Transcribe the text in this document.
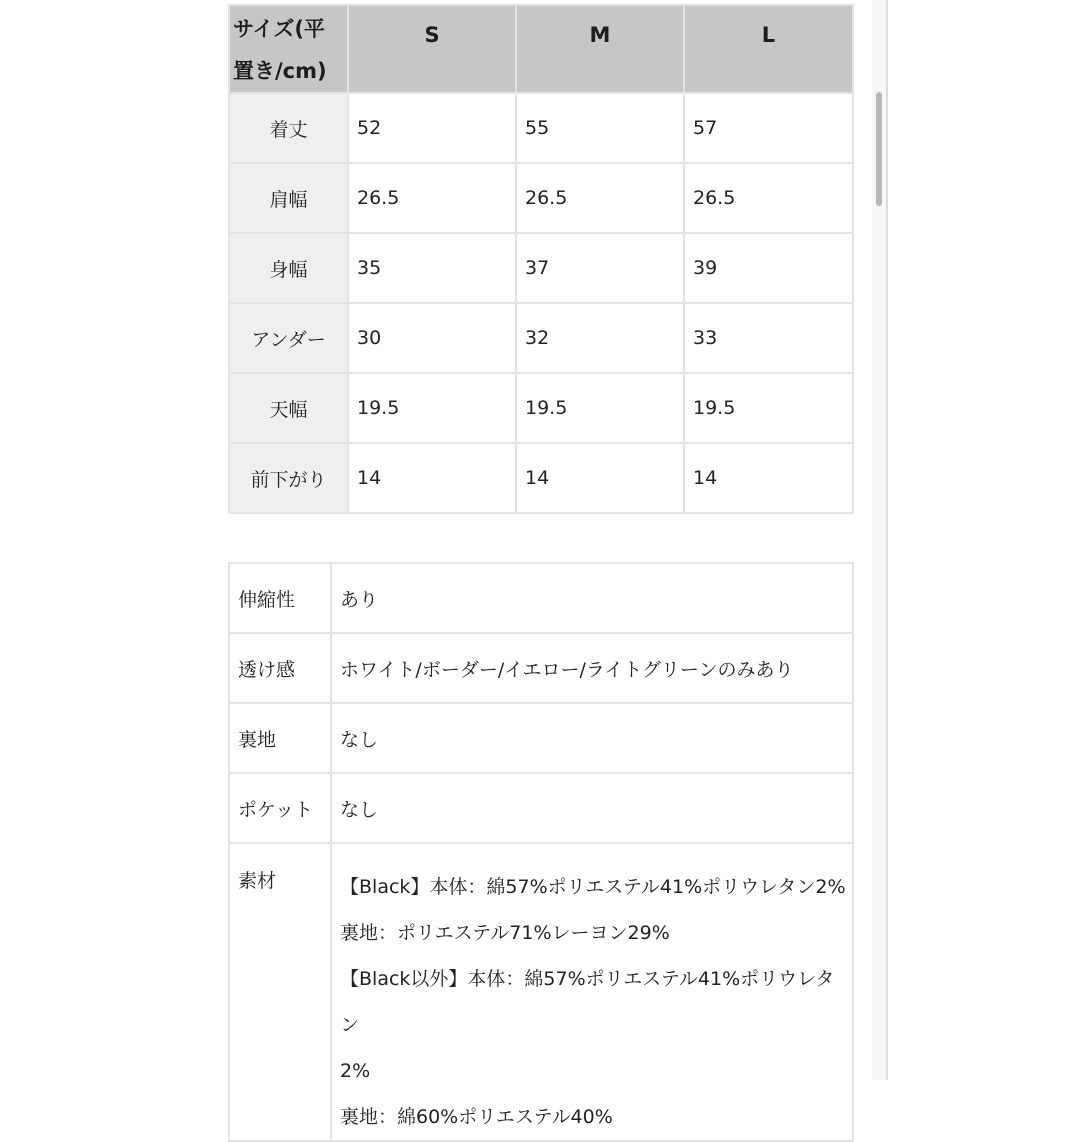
サイズ(平置き/cm)	S	M	L
着丈	52	55	57
肩幅	26.5	26.5	26.5
身幅	35	37	39
アンダー	30	32	33
天幅	19.5	19.5	19.5
前下がり	14	14	14
伸縮性	あり
透け感	ホワイト/ボーダー/イエロー/ライトグリーンのみあり
裏地	なし
ポケット	なし
素材	【Black】本体：綿57%ポリエステル41%ポリウレタン2%
裏地：ポリエステル71%レーヨン29%
【Black以外】本体：綿57%ポリエステル41%ポリウレタン
2%
裏地：綿60%ポリエステル40%
